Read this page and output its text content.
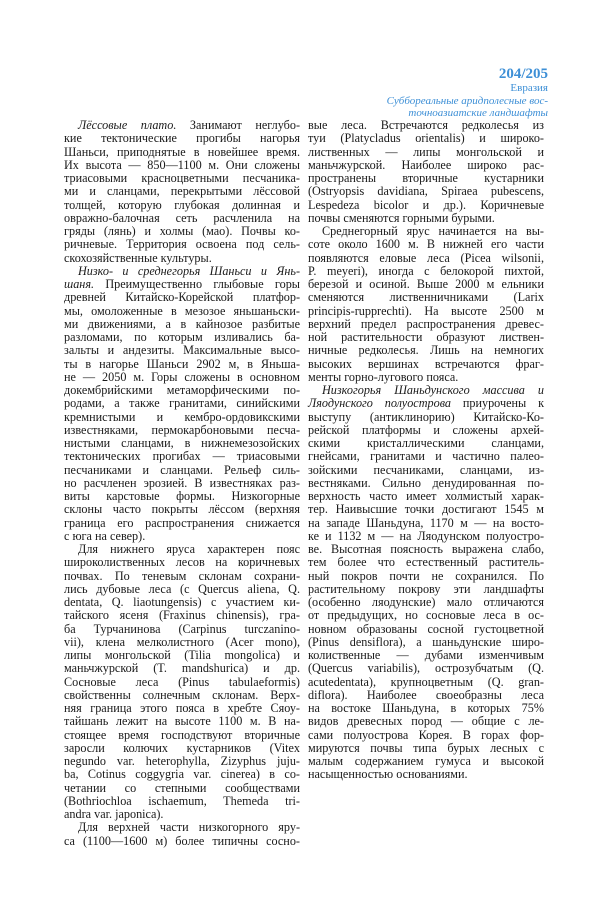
204/205
Евразия
Суббореальные аридполесные вос-
точноазиатские ландшафты
Лёссовые плато. Занимают неглубо-
кие тектонические прогибы нагорья
Шаньси, приподнятые в новейшее время.
Их высота — 850—1100 м. Они сложены
триасовыми красноцветными песчаника-
ми и сланцами, перекрытыми лёссовой
толщей, которую глубокая долинная и
овражно-балочная сеть расчленила на
гряды (лянь) и холмы (мао). Почвы ко-
ричневые. Территория освоена под сель-
скохозяйственные культуры.
Низко- и среднегорья Шаньси и Янь-
шаня. Преимущественно глыбовые горы
древней Китайско-Корейской платфор-
мы, омоложенные в мезозое яньшаньски-
ми движениями, а в кайнозое разбитые
разломами, по которым изливались ба-
зальты и андезиты. Максимальные высо-
ты в нагорье Шаньси 2902 м, в Яньша-
не — 2050 м. Горы сложены в основном
докембрийскими метаморфическими по-
родами, а также гранитами, синийскими
кремнистыми и кембро-ордовикскими
известняками, пермокарбоновыми песча-
нистыми сланцами, в нижнемезозойских
тектонических прогибах — триасовыми
песчаниками и сланцами. Рельеф силь-
но расчленен эрозией. В известняках раз-
виты карстовые формы. Низкогорные
склоны часто покрыты лёссом (верхняя
граница его распространения снижается
с юга на север).
Для нижнего яруса характерен пояс
широколиственных лесов на коричневых
почвах. По теневым склонам сохрани-
лись дубовые леса (с Quercus aliena, Q.
dentata, Q. liaotungensis) с участием ки-
тайского ясеня (Fraxinus chinensis), гра-
ба Турчанинова (Carpinus turczanino-
vii), клена мелколистного (Acer mono),
липы монгольской (Tilia mongolica) и
маньчжурской (T. mandshurica) и др.
Сосновые леса (Pinus tabulaeformis)
свойственны солнечным склонам. Верх-
няя граница этого пояса в хребте Сяоу-
тайшань лежит на высоте 1100 м. В на-
стоящее время господствуют вторичные
заросли колючих кустарников (Vitex
negundo var. heterophylla, Zizyphus juju-
ba, Cotinus coggygria var. cinerea) в со-
четании со степными сообществами
(Bothriochloa ischaemum, Themeda tri-
andra var. japonica).
Для верхней части низкогорного яру-
са (1100—1600 м) более типичны сосно-
вые леса. Встречаются редколесья из
туи (Platycladus orientalis) и широко-
лиственных — липы монгольской и
маньчжурской. Наиболее широко рас-
пространены вторичные кустарники
(Ostryopsis davidiana, Spiraea pubescens,
Lespedeza bicolor и др.). Коричневые
почвы сменяются горными бурыми.
Среднегорный ярус начинается на вы-
соте около 1600 м. В нижней его части
появляются еловые леса (Picea wilsonii,
P. meyeri), иногда с белокорой пихтой,
березой и осиной. Выше 2000 м ельники
сменяются лиственничниками (Larix
principis-rupprechti). На высоте 2500 м
верхний предел распространения древес-
ной растительности образуют листвен-
ничные редколесья. Лишь на немногих
высоких вершинах встречаются фраг-
менты горно-лугового пояса.
Низкогорья Шаньдунского массива и
Ляодунского полуострова приурочены к
выступу (антиклинорию) Китайско-Ко-
рейской платформы и сложены архей-
скими кристаллическими сланцами,
гнейсами, гранитами и частично палео-
зойскими песчаниками, сланцами, из-
вестняками. Сильно денудированная по-
верхность часто имеет холмистый харак-
тер. Наивысшие точки достигают 1545 м
на западе Шаньдуна, 1170 м — на восто-
ке и 1132 м — на Ляодунском полуостро-
ве. Высотная поясность выражена слабо,
тем более что естественный раститель-
ный покров почти не сохранился. По
растительному покрову эти ландшафты
(особенно ляодунские) мало отличаются
от предыдущих, но сосновые леса в ос-
новном образованы сосной густоцветной
(Pinus densiflora), а шаньдунские широ-
колиственные — дубами изменчивым
(Quercus variabilis), острозубчатым (Q.
acutedentata), крупноцветным (Q. gran-
diflora). Наиболее своеобразны леса
на востоке Шаньдуна, в которых 75%
видов древесных пород — общие с ле-
сами полуострова Корея. В горах фор-
мируются почвы типа бурых лесных с
малым содержанием гумуса и высокой
насыщенностью основаниями.
